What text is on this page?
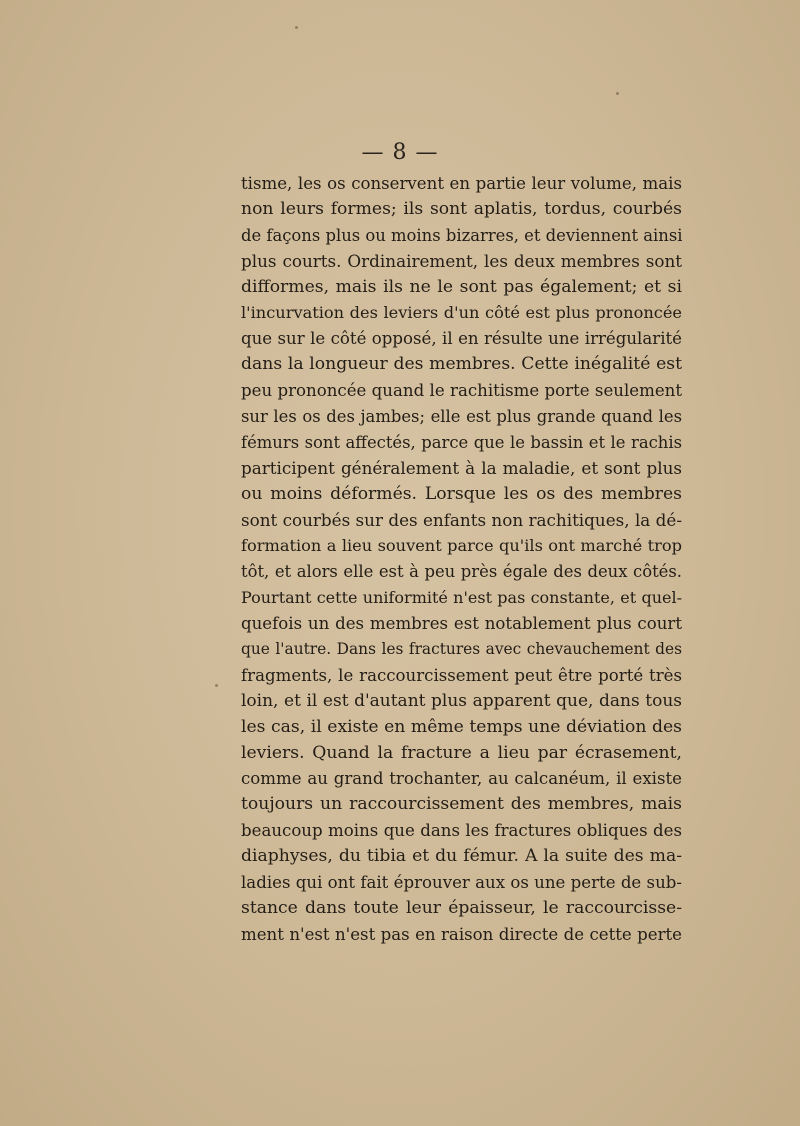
— 8 —
tisme, les os conservent en partie leur volume, mais
non leurs formes; ils sont aplatis, tordus, courbés
de façons plus ou moins bizarres, et deviennent ainsi
plus courts. Ordinairement, les deux membres sont
difformes, mais ils ne le sont pas également; et si
l'incurvation des leviers d'un côté est plus prononcée
que sur le côté opposé, il en résulte une irrégularité
dans la longueur des membres. Cette inégalité est
peu prononcée quand le rachitisme porte seulement
sur les os des jambes; elle est plus grande quand les
fémurs sont affectés, parce que le bassin et le rachis
participent généralement à la maladie, et sont plus
ou moins déformés. Lorsque les os des membres
sont courbés sur des enfants non rachitiques, la dé-
formation a lieu souvent parce qu'ils ont marché trop
tôt, et alors elle est à peu près égale des deux côtés.
Pourtant cette uniformité n'est pas constante, et quel-
quefois un des membres est notablement plus court
que l'autre. Dans les fractures avec chevauchement des
fragments, le raccourcissement peut être porté très
loin, et il est d'autant plus apparent que, dans tous
les cas, il existe en même temps une déviation des
leviers. Quand la fracture a lieu par écrasement,
comme au grand trochanter, au calcanéum, il existe
toujours un raccourcissement des membres, mais
beaucoup moins que dans les fractures obliques des
diaphyses, du tibia et du fémur. A la suite des ma-
ladies qui ont fait éprouver aux os une perte de sub-
stance dans toute leur épaisseur, le raccourcisse-
ment n'est n'est pas en raison directe de cette perte
